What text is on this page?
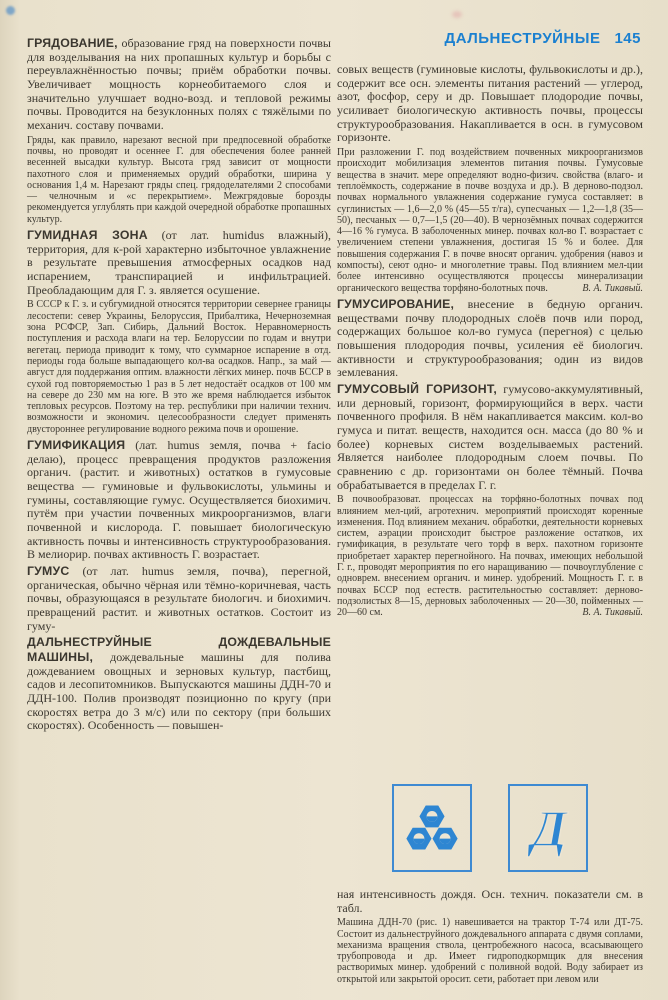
ГРЯДОВАНИЕ, образование гряд на поверхности почвы для возделывания на них пропашных культур и борьбы с переувлажнённостью почвы; приём обработки почвы. Увеличивает мощность корнеобитаемого слоя и значительно улучшает водно-возд. и тепловой режимы почвы. Проводится на безуклонных полях с тяжёлыми по механич. составу почвами.

Гряды, как правило, нарезают весной при предпосевной обработке почвы, но проводят и осеннее Г. для обеспечения более ранней весенней высадки культур. Высота гряд зависит от мощности пахотного слоя и применяемых орудий обработки, ширина у основания 1,4 м. Нарезают гряды спец. грядоделателями 2 способами — челночным и «с перекрытием». Межгрядовые борозды рекомендуется углублять при каждой очередной обработке пропашных культур.

ГУМИДНАЯ ЗОНА (от лат. humidus влажный), территория, для к-рой характерно избыточное увлажнение в результате превышения атмосферных осадков над испарением, транспирацией и инфильтрацией. Преобладающим для Г. з. является осушение.

В СССР к Г. з. и субгумидной относятся территории севернее границы лесостепи: север Украины, Белоруссия, Прибалтика, Нечерноземная зона РСФСР, Зап. Сибирь, Дальний Восток. Неравномерность поступления и расхода влаги на тер. Белоруссии по годам и внутри вегетац. периода приводит к тому, что суммарное испарение в отд. периоды года больше выпадающего кол-ва осадков. Напр., за май — август для поддержания оптим. влажности лёгких минер. почв БССР в сухой год повторяемостью 1 раз в 5 лет недостаёт осадков от 100 мм на севере до 230 мм на юге. В это же время наблюдается избыток тепловых ресурсов. Поэтому на тер. республики при наличии технич. возможности и экономич. целесообразности следует применять двустороннее регулирование водного режима почв и орошение.

ГУМИФИКАЦИЯ (лат. humus земля, почва + facio делаю), процесс превращения продуктов разложения органич. (растит. и животных) остатков в гумусовые вещества — гуминовые и фульвокислоты, ульмины и гумины, составляющие гумус. Осуществляется биохимич. путём при участии почвенных микроорганизмов, влаги почвенной и кислорода. Г. повышает биологическую активность почвы и интенсивность структурообразования. В мелиорир. почвах активность Г. возрастает.

ГУМУС (от лат. humus земля, почва), перегной, органическая, обычно чёрная или тёмно-коричневая, часть почвы, образующаяся в результате биологич. и биохимич. превращений растит. и животных остатков. Состоит из гуму-

ДАЛЬНЕСТРУЙНЫЕ ДОЖДЕВАЛЬНЫЕ МАШИНЫ, дождевальные машины для полива дождеванием овощных и зерновых культур, пастбищ, садов и лесопитомников. Выпускаются машины ДДН-70 и ДДН-100. Полив производят позиционно по кругу (при скоростях ветра до 3 м/с) или по сектору (при больших скоростях). Особенность — повышен-

ДАЛЬНЕСТРУЙНЫЕ 145

совых веществ (гуминовые кислоты, фульвокислоты и др.), содержит все осн. элементы питания растений — углерод, азот, фосфор, серу и др. Повышает плодородие почвы, усиливает биологическую активность почвы, процессы структурообразования. Накапливается в осн. в гумусовом горизонте.

При разложении Г. под воздействием почвенных микроорганизмов происходит мобилизация элементов питания почвы. Гумусовые вещества в значит. мере определяют водно-физич. свойства (влаго- и теплоёмкость, содержание в почве воздуха и др.). В дерново-подзол. почвах нормального увлажнения содержание гумуса составляет: в суглинистых — 1,6—2,0 % (45—55 т/га), супесчаных — 1,2—1,8 (35—50), песчаных — 0,7—1,5 (20—40). В чернозёмных почвах содержится 4—16 % гумуса. В заболоченных минер. почвах кол-во Г. возрастает с увеличением степени увлажнения, достигая 15 % и более. Для повышения содержания Г. в почве вносят органич. удобрения (навоз и компосты), сеют одно- и многолетние травы. Под влиянием мел-ции более интенсивно осуществляются процессы минерализации органического вещества торфяно-болотных почв.	В. А. Тикавый.

ГУМУСИРОВАНИЕ, внесение в бедную органич. веществами почву плодородных слоёв почв или пород, содержащих большое кол-во гумуса (перегноя) с целью повышения плодородия почвы, усиления её биологич. активности и структурообразования; один из видов землевания.

ГУМУСОВЫЙ ГОРИЗОНТ, гумусово-аккумулятивный, или дерновый, горизонт, формирующийся в верх. части почвенного профиля. В нём накапливается максим. кол-во гумуса и питат. веществ, находится осн. масса (до 80 % и более) корневых систем возделываемых растений. Является наиболее плодородным слоем почвы. По сравнению с др. горизонтами он более тёмный. Почва обрабатывается в пределах Г. г.

В почвообразоват. процессах на торфяно-болотных почвах под влиянием мел-ций, агротехнич. мероприятий происходят коренные изменения. Под влиянием механич. обработки, деятельности корневых систем, аэрации происходит быстрое разложение остатков, их гумификация, в результате чего торф в верх. пахотном горизонте приобретает характер перегнойного. На почвах, имеющих небольшой Г. г., проводят мероприятия по его наращиванию — почвоуглубление с одноврем. внесением органич. и минер. удобрений. Мощность Г. г. в почвах БССР под естеств. растительностью составляет: дерново-подзолистых 8—15, дерновых заболоченных — 20—30, пойменных — 20—60 см.	В. А. Тикавый.

Д

ная интенсивность дождя. Осн. технич. показатели см. в табл.

Машина ДДН-70 (рис. 1) навешивается на трактор Т-74 или ДТ-75. Состоит из дальнеструйного дождевального аппарата с двумя соплами, механизма вращения ствола, центробежного насоса, всасывающего трубопровода и др. Имеет гидроподкормщик для внесения растворимых минер. удобрений с поливной водой. Воду забирает из открытой или закрытой оросит. сети, работает при левом или
